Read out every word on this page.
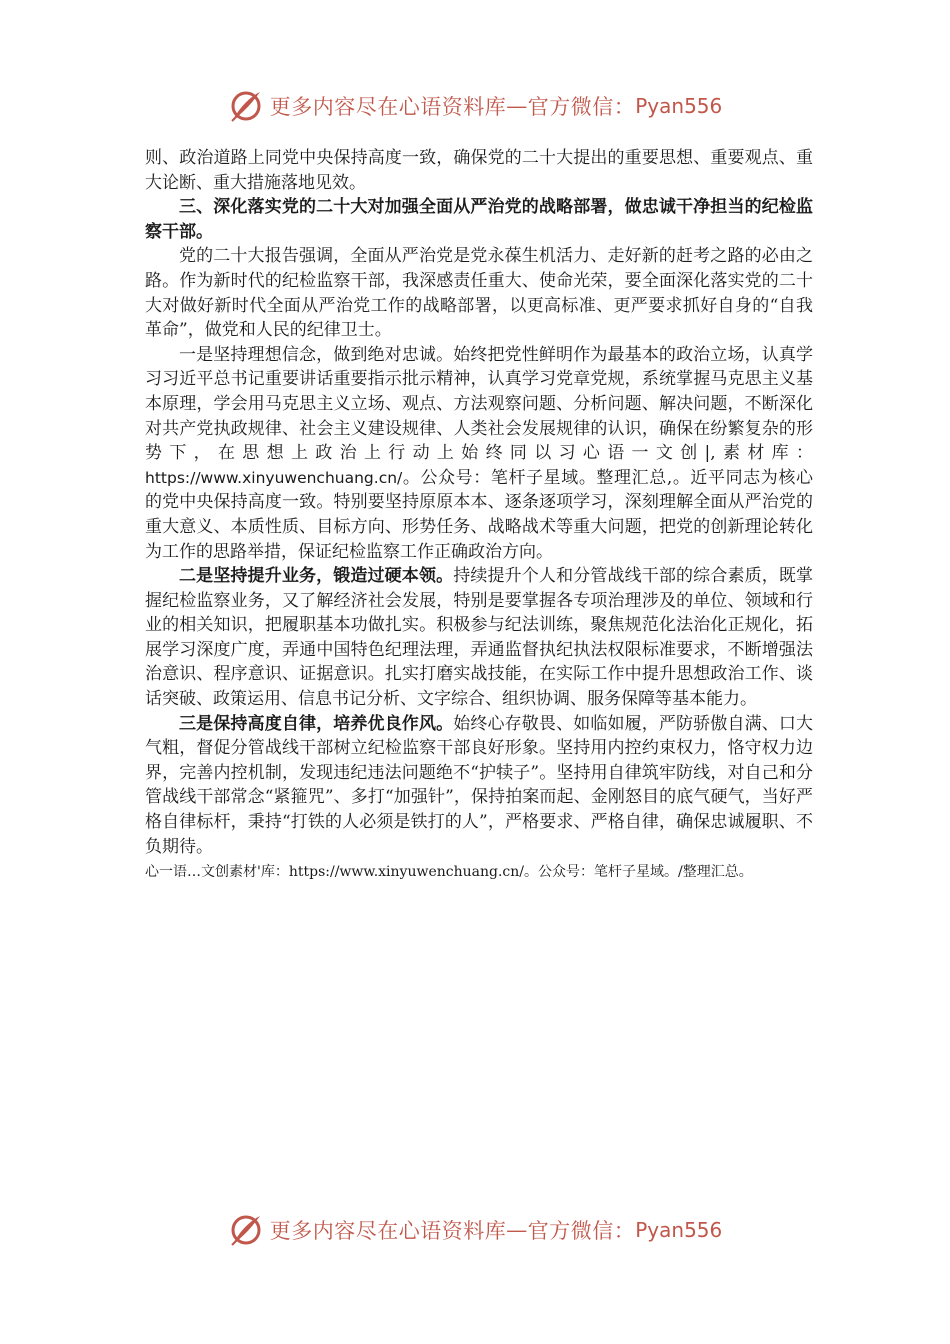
更多内容尽在心语资料库 — 官方微信： Pyan556

则、政治道路上同党中央保持高度一致，确保党的二十大提出的重要思想、重要观点、重大论断、重大措施落地见效。

三、深化落实党的二十大对加强全面从严治党的战略部署，做忠诚干净担当的纪检监察干部。

党的二十大报告强调，全面从严治党是党永葆生机活力、走好新的赶考之路的必由之路。作为新时代的纪检监察干部，我深感责任重大、使命光荣，要全面深化落实党的二十大对做好新时代全面从严治党工作的战略部署，以更高标准、更严要求抓好自身的“自我革命”，做党和人民的纪律卫士。

一是坚持理想信念，做到绝对忠诚。始终把党性鲜明作为最基本的政治立场，认真学习习近平总书记重要讲话重要指示批示精神，认真学习党章党规，系统掌握马克思主义基本原理，学会用马克思主义立场、观点、方法观察问题、分析问题、解决问题，不断深化对共产党执政规律、社会主义建设规律、人类社会发展规律的认识，确保在纷繁复杂的形势下，在思想上政治上行动上始终同以习心语一文创|,素材库：https://www.xinyuwenchuang.cn/。公众号：笔杆子星域。整理汇总,。近平同志为核心的党中央保持高度一致。特别要坚持原原本本、逐条逐项学习，深刻理解全面从严治党的重大意义、本质性质、目标方向、形势任务、战略战术等重大问题，把党的创新理论转化为工作的思路举措，保证纪检监察工作正确政治方向。

二是坚持提升业务，锻造过硬本领。持续提升个人和分管战线干部的综合素质，既掌握纪检监察业务，又了解经济社会发展，特别是要掌握各专项治理涉及的单位、领域和行业的相关知识，把履职基本功做扎实。积极参与纪法训练，聚焦规范化法治化正规化，拓展学习深度广度，弄通中国特色纪理法理，弄通监督执纪执法权限标准要求，不断增强法治意识、程序意识、证据意识。扎实打磨实战技能，在实际工作中提升思想政治工作、谈话突破、政策运用、信息书记分析、文字综合、组织协调、服务保障等基本能力。

三是保持高度自律，培养优良作风。始终心存敬畏、如临如履，严防骄傲自满、口大气粗，督促分管战线干部树立纪检监察干部良好形象。坚持用内控约束权力，恪守权力边界，完善内控机制，发现违纪违法问题绝不“护犊子”。坚持用自律筑牢防线，对自己和分管战线干部常念“紧箍咒”、多打“加强针”，保持拍案而起、金刚怒目的底气硬气，当好严格自律标杆，秉持“打铁的人必须是铁打的人”，严格要求、严格自律，确保忠诚履职、不负期待。

心一语…文创素材'库：https://www.xinyuwenchuang.cn/。公众号：笔杆子星域。/整理汇总。

更多内容尽在心语资料库 — 官方微信： Pyan556
